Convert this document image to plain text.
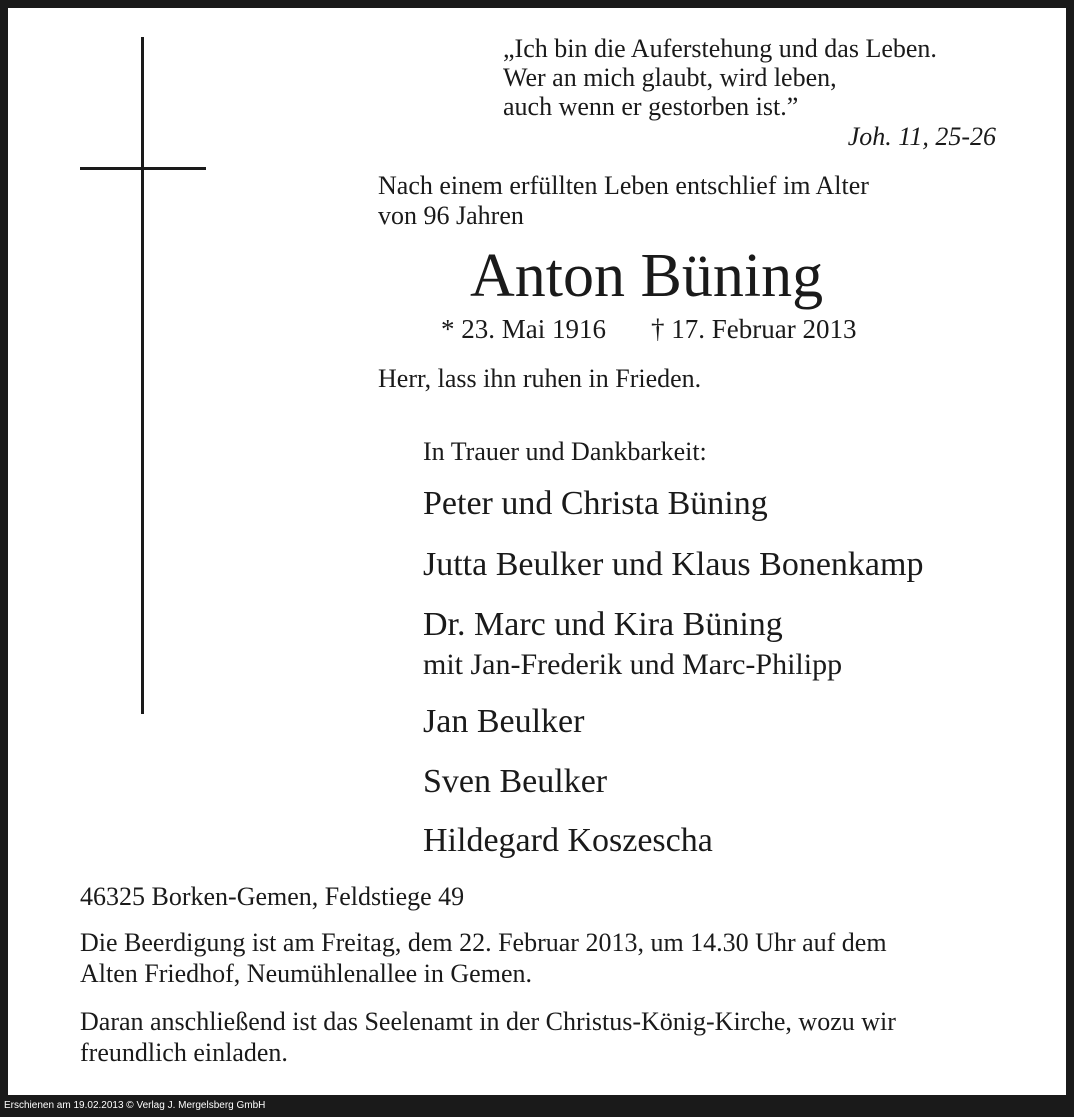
„Ich bin die Auferstehung und das Leben.
Wer an mich glaubt, wird leben,
auch wenn er gestorben ist.”
Joh. 11, 25-26
Nach einem erfüllten Leben entschlief im Alter
von 96 Jahren
Anton Büning
* 23. Mai 1916 † 17. Februar 2013
Herr, lass ihn ruhen in Frieden.
In Trauer und Dankbarkeit:
Peter und Christa Büning
Jutta Beulker und Klaus Bonenkamp
Dr. Marc und Kira Büning
mit Jan-Frederik und Marc-Philipp
Jan Beulker
Sven Beulker
Hildegard Koszescha
46325 Borken-Gemen, Feldstiege 49
Die Beerdigung ist am Freitag, dem 22. Februar 2013, um 14.30 Uhr auf dem
Alten Friedhof, Neumühlenallee in Gemen.
Daran anschließend ist das Seelenamt in der Christus-König-Kirche, wozu wir
freundlich einladen.
Erschienen am 19.02.2013 © Verlag J. Mergelsberg GmbH
